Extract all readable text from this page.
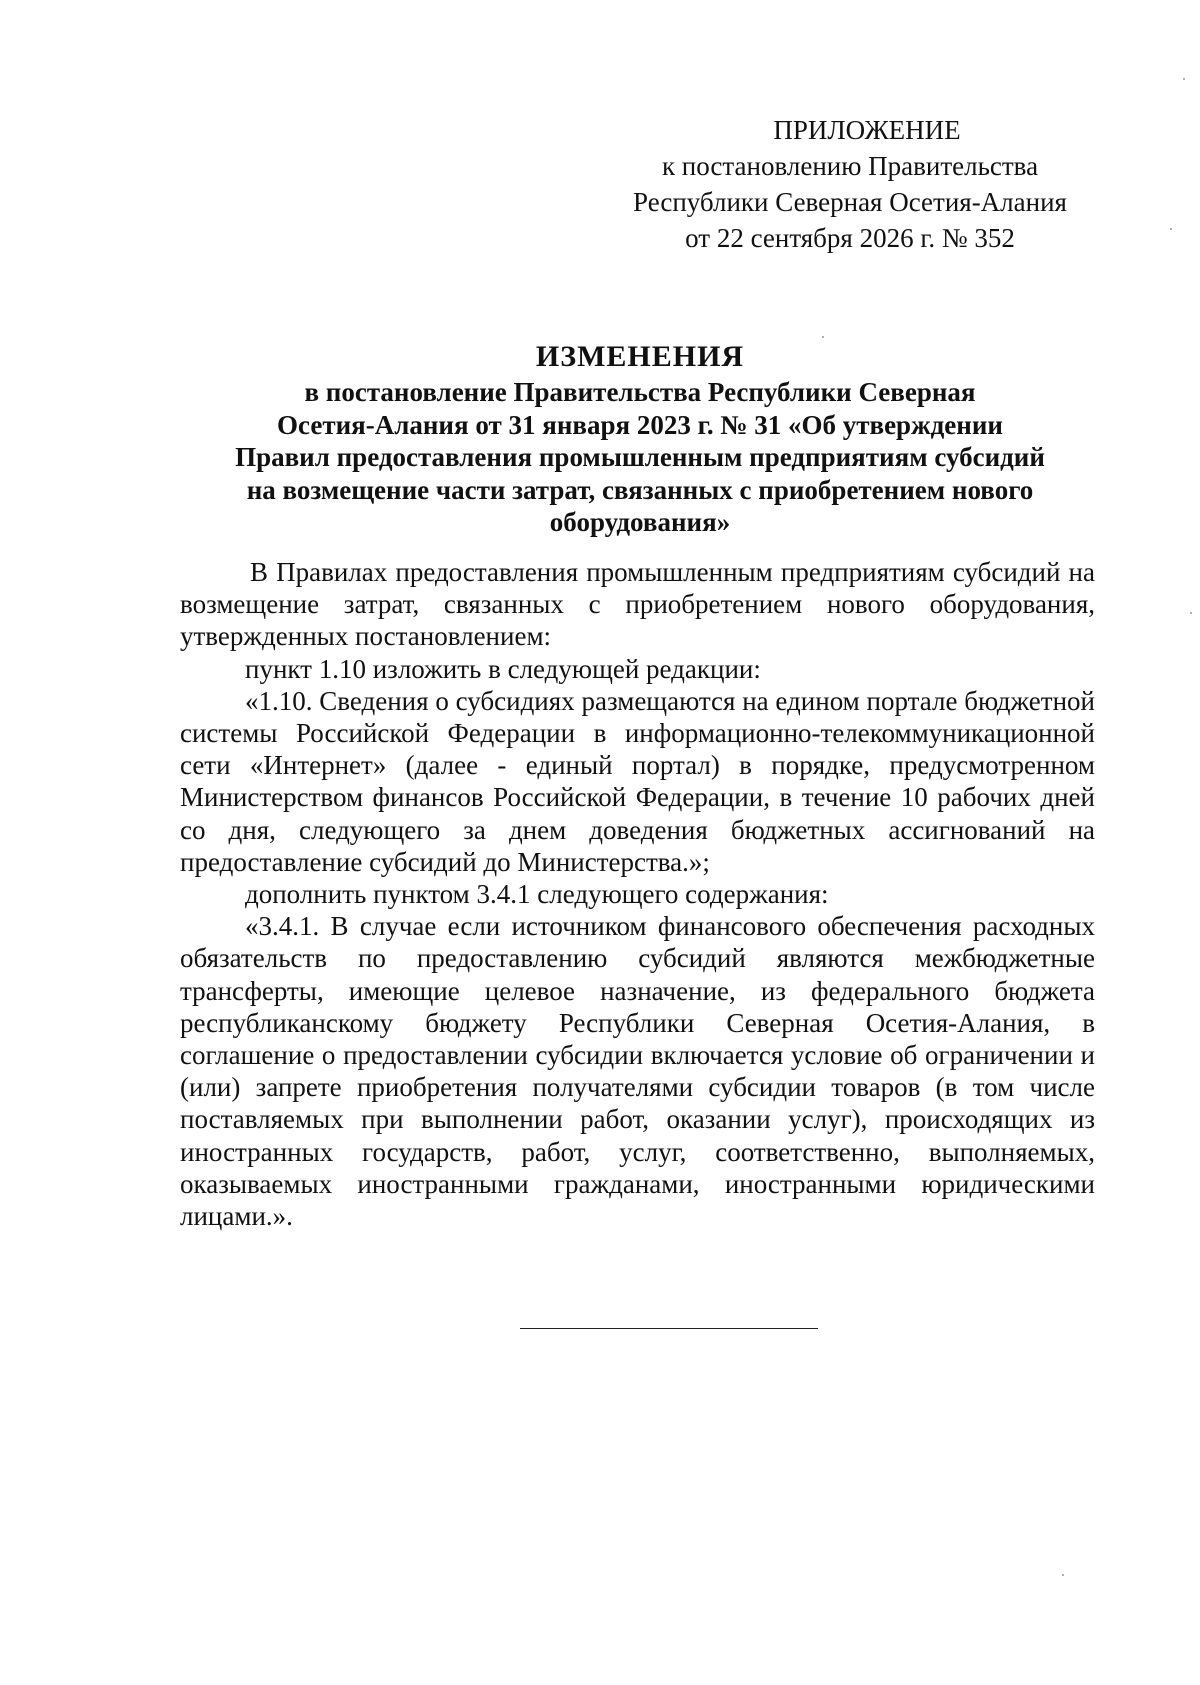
ПРИЛОЖЕНИЕ
к постановлению Правительства
Республики Северная Осетия-Алания
от 22 сентября 2026 г. № 352
ИЗМЕНЕНИЯ
в постановление Правительства Республики Северная
Осетия-Алания от 31 января 2023 г. № 31 «Об утверждении
Правил предоставления промышленным предприятиям субсидий
на возмещение части затрат, связанных с приобретением нового
оборудования»

В Правилах предоставления промышленным предприятиям субсидий на возмещение затрат, связанных с приобретением нового оборудования, утвержденных постановлением:

пункт 1.10 изложить в следующей редакции:

«1.10. Сведения о субсидиях размещаются на едином портале бюджетной системы Российской Федерации в информационно-телекоммуникационной сети «Интернет» (далее - единый портал) в порядке, предусмотренном Министерством финансов Российской Федерации, в течение 10 рабочих дней со дня, следующего за днем доведения бюджетных ассигнований на предоставление субсидий до Министерства.»;

дополнить пунктом 3.4.1 следующего содержания:

«3.4.1. В случае если источником финансового обеспечения расходных обязательств по предоставлению субсидий являются межбюджетные трансферты, имеющие целевое назначение, из федерального бюджета республиканскому бюджету Республики Северная Осетия-Алания, в соглашение о предоставлении субсидии включается условие об ограничении и (или) запрете приобретения получателями субсидии товаров (в том числе поставляемых при выполнении работ, оказании услуг), происходящих из иностранных государств, работ, услуг, соответственно, выполняемых, оказываемых иностранными гражданами, иностранными юридическими лицами.».
